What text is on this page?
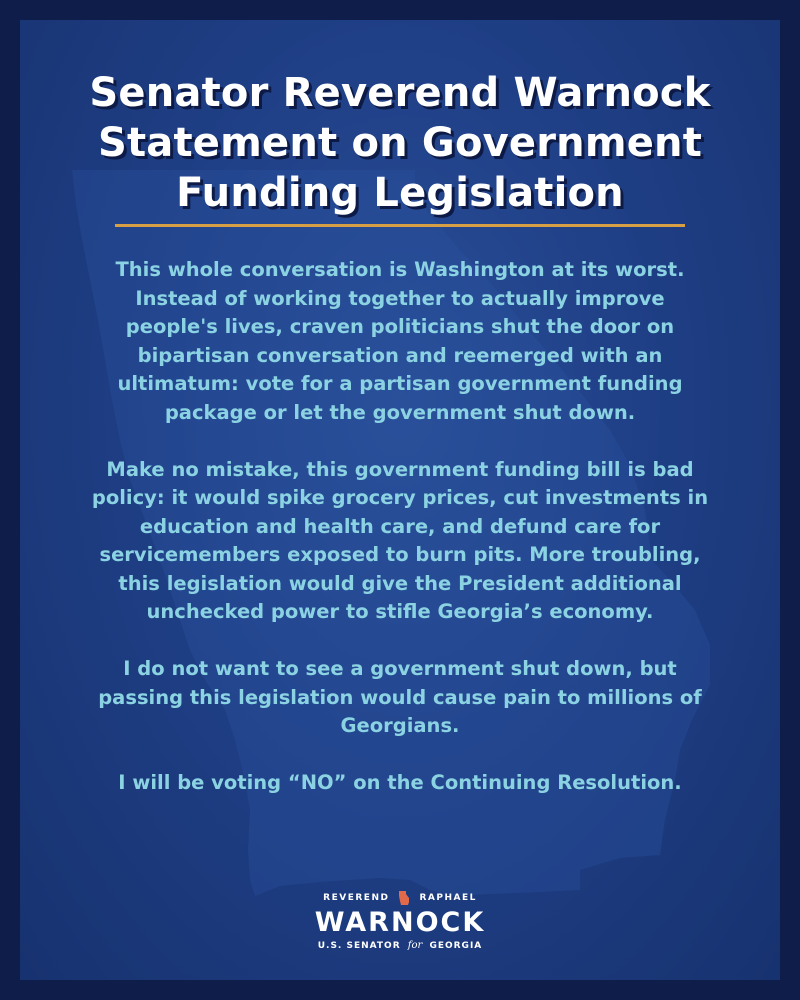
Senator Reverend Warnock
Statement on Government
Funding Legislation

This whole conversation is Washington at its worst.
Instead of working together to actually improve
people's lives, craven politicians shut the door on
bipartisan conversation and reemerged with an
ultimatum: vote for a partisan government funding
package or let the government shut down.

Make no mistake, this government funding bill is bad
policy: it would spike grocery prices, cut investments in
education and health care, and defund care for
servicemembers exposed to burn pits. More troubling,
this legislation would give the President additional
unchecked power to stifle Georgia’s economy.

I do not want to see a government shut down, but
passing this legislation would cause pain to millions of
Georgians.

I will be voting “NO” on the Continuing Resolution.

REVEREND	RAPHAEL
WARNOCK
U.S. SENATOR for GEORGIA
